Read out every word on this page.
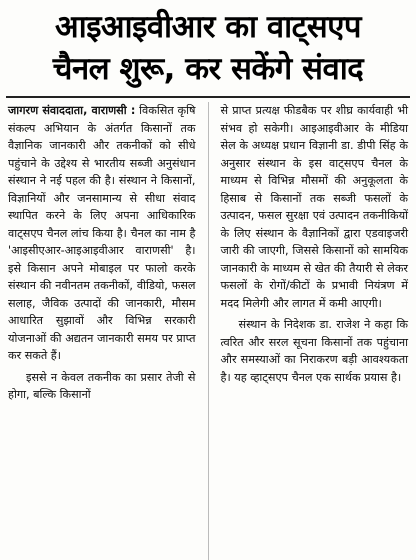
आइआइवीआर का वाट्सएप
चैनल शुरू, कर सकेंगे संवाद

जागरण संवाददाता, वाराणसी : विकसित कृषि संकल्प अभियान के अंतर्गत किसानों तक वैज्ञानिक जानकारी और तकनीकों को सीधे पहुंचाने के उद्देश्य से भारतीय सब्जी अनुसंधान संस्थान ने नई पहल की है। संस्थान ने किसानों, विज्ञानियों और जनसामान्य से सीधा संवाद स्थापित करने के लिए अपना आधिकारिक वाट्सएप चैनल लांच किया है। चैनल का नाम है 'आइसीएआर-आइआइवीआर वाराणसी' है। इसे किसान अपने मोबाइल पर फालो करके संस्थान की नवीनतम तकनीकों, वीडियो, फसल सलाह, जैविक उत्पादों की जानकारी, मौसम आधारित सुझावों और विभिन्न सरकारी योजनाओं की अद्यतन जानकारी समय पर प्राप्त कर सकते हैं।

इससे न केवल तकनीक का प्रसार तेजी से होगा, बल्कि किसानों

से प्राप्त प्रत्यक्ष फीडबैक पर शीघ्र कार्यवाही भी संभव हो सकेगी। आइआइवीआर के मीडिया सेल के अध्यक्ष प्रधान विज्ञानी डा. डीपी सिंह के अनुसार संस्थान के इस वाट्सएप चैनल के माध्यम से विभिन्न मौसमों की अनुकूलता के हिसाब से किसानों तक सब्जी फसलों के उत्पादन, फसल सुरक्षा एवं उत्पादन तकनीकियों के लिए संस्थान के वैज्ञानिकों द्वारा एडवाइजरी जारी की जाएगी, जिससे किसानों को सामयिक जानकारी के माध्यम से खेत की तैयारी से लेकर फसलों के रोगों/कीटों के प्रभावी नियंत्रण में मदद मिलेगी और लागत में कमी आएगी।

संस्थान के निदेशक डा. राजेश ने कहा कि त्वरित और सरल सूचना किसानों तक पहुंचाना और समस्याओं का निराकरण बड़ी आवश्यकता है। यह व्हाट्सएप चैनल एक सार्थक प्रयास है।
